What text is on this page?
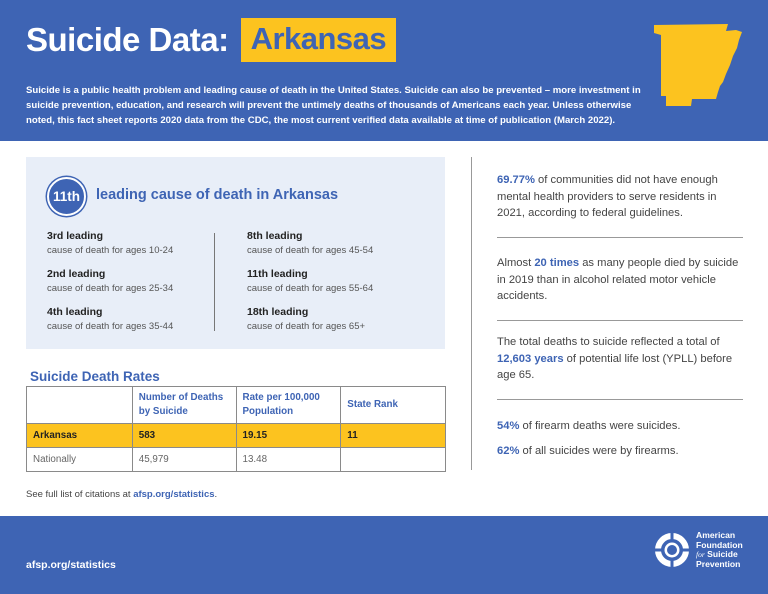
Suicide Data: Arkansas

Suicide is a public health problem and leading cause of death in the United States. Suicide can also be prevented – more investment in suicide prevention, education, and research will prevent the untimely deaths of thousands of Americans each year. Unless otherwise noted, this fact sheet reports 2020 data from the CDC, the most current verified data available at time of publication (March 2022).

11th	leading cause of death in Arkansas
3rd leading
cause of death for ages 10-24
2nd leading
cause of death for ages 25-34
4th leading
cause of death for ages 35-44
8th leading
cause of death for ages 45-54
11th leading
cause of death for ages 55-64
18th leading
cause of death for ages 65+
Suicide Death Rates
	Number of Deaths by Suicide	Rate per 100,000 Population	State Rank
Arkansas	583	19.15	11
Nationally	45,979	13.48	
See full list of citations at afsp.org/statistics.
69.77% of communities did not have enough mental health providers to serve residents in 2021, according to federal guidelines.
Almost 20 times as many people died by suicide in 2019 than in alcohol related motor vehicle accidents.
The total deaths to suicide reflected a total of 12,603 years of potential life lost (YPLL) before age 65.
54% of firearm deaths were suicides.
62% of all suicides were by firearms.
afsp.org/statistics
American
Foundation
for Suicide
Prevention
